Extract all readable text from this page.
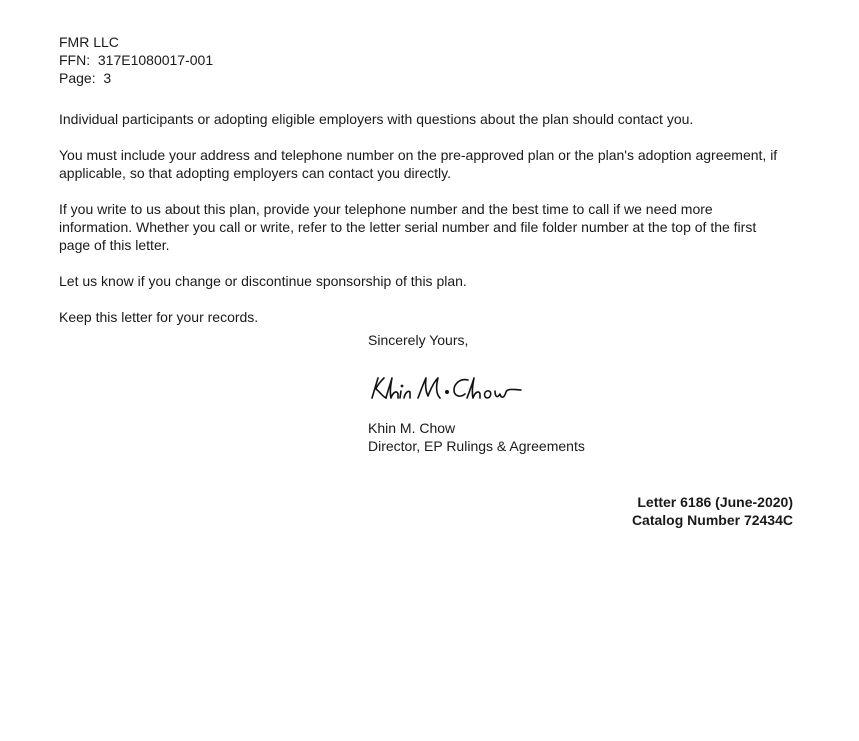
FMR LLC
FFN:  317E1080017-001
Page:  3

Individual participants or adopting eligible employers with questions about the plan should contact you.

You must include your address and telephone number on the pre-approved plan or the plan's adoption agreement, if applicable, so that adopting employers can contact you directly.

If you write to us about this plan, provide your telephone number and the best time to call if we need more information. Whether you call or write, refer to the letter serial number and file folder number at the top of the first page of this letter.

Let us know if you change or discontinue sponsorship of this plan.

Keep this letter for your records.

Sincerely Yours,
Khin M. Chow
Director, EP Rulings & Agreements
Letter 6186 (June-2020)
Catalog Number 72434C
